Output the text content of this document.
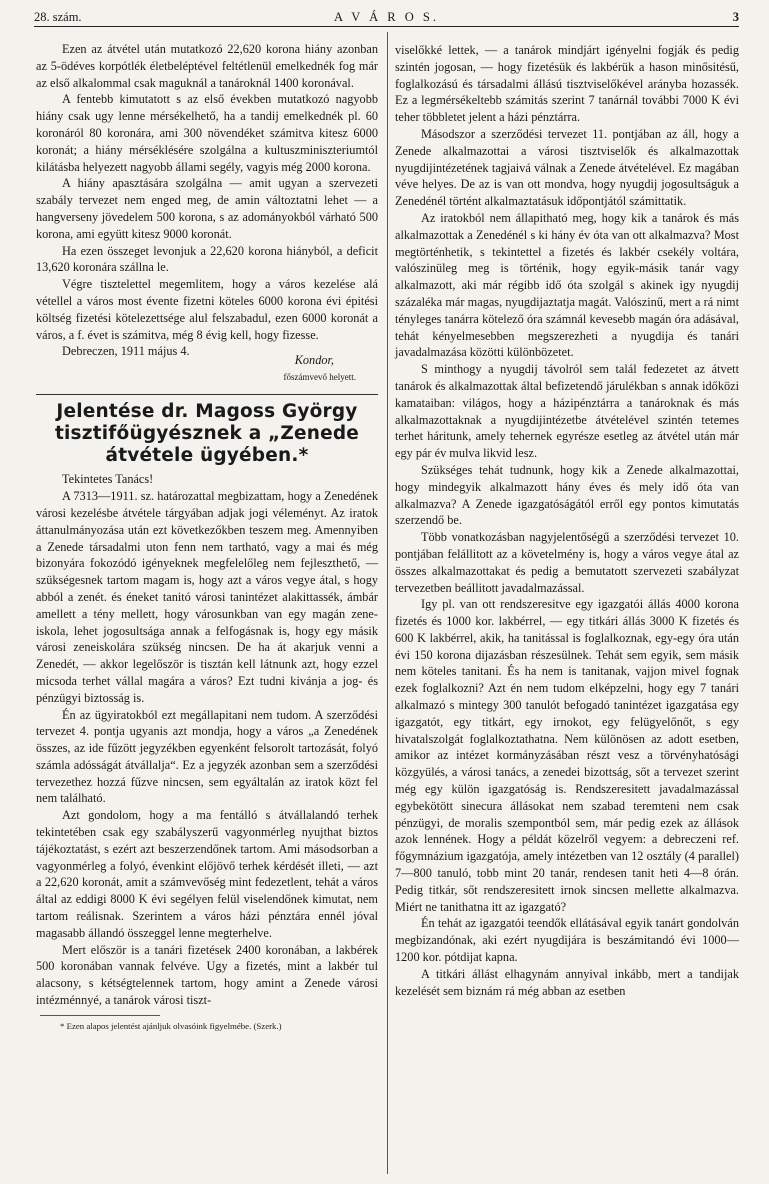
28. szám.	A V Á R O S.	3

Ezen az átvétel után mutatkozó 22,620 korona hiány azonban az 5-ödéves korpótlék életbeléptével feltétlenül emelkednék fog már az első alkalommal csak maguknál a tanároknál 1400 koronával.

A fentebb kimutatott s az első években mutatkozó nagyobb hiány csak ugy lenne mérsékelhető, ha a tandij emelkednék pl. 60 koronáról 80 koronára, ami 300 növendéket számitva kitesz 6000 koronát; a hiány mérséklésére szolgálna a kultuszminiszteriumtól kilátásba helyezett nagyobb állami segély, vagyis még 2000 korona.

A hiány apasztására szolgálna — amit ugyan a szervezeti szabály tervezet nem enged meg, de amin változtatni lehet — a hangverseny jövedelem 500 korona, s az adományokból várható 500 korona, ami együtt kitesz 9000 koronát.

Ha ezen összeget levonjuk a 22,620 korona hiányból, a deficit 13,620 koronára szállna le.

Végre tisztelettel megemlitem, hogy a város kezelése alá vétellel a város most évente fizetni köteles 6000 korona évi épitési költség fizetési kötelezettsége alul felszabadul, ezen 6000 koronát a város, a f. évet is számitva, még 8 évig kell, hogy fizesse.

Debreczen, 1911 május 4.
Kondor,
főszámvevő helyett.
Jelentése dr. Magoss György tisztifőügyésznek a „Zenede átvétele ügyében.*

Tekintetes Tanács!

A 7313—1911. sz. határozattal megbizattam, hogy a Zenedének városi kezelésbe átvétele tárgyában adjak jogi véleményt. Az iratok áttanulmányozása után ezt következőkben teszem meg. Amennyiben a Zenede társadalmi uton fenn nem tartható, vagy a mai és még bizonyára fokozódó igényeknek megfelelőleg nem fejleszthető, — szükségesnek tartom magam is, hogy azt a város vegye átal, s hogy abból a zenét. és éneket tanitó városi tanintézet alakittassék, ámbár amellett a tény mellett, hogy városunkban van egy magán zene-iskola, lehet jogosultsága annak a felfogásnak is, hogy egy másik városi zeneiskolára szükség nincsen. De ha át akarjuk venni a Zenedét, — akkor legelőször is tisztán kell látnunk azt, hogy ezzel micsoda terhet vállal magára a város? Ezt tudni kivánja a jog- és pénzügyi biztosság is.

Én az ügyiratokból ezt megállapitani nem tudom. A szerződési tervezet 4. pontja ugyanis azt mondja, hogy a város „a Zenedének összes, az ide fűzött jegyzékben egyenként felsorolt tartozását, folyó számla adósságát átvállalja“. Ez a jegyzék azonban sem a szerződési tervezethez hozzá fűzve nincsen, sem egyáltalán az iratok közt fel nem található.

Azt gondolom, hogy a ma fentálló s átvállalandó terhek tekintetében csak egy szabályszerű vagyonmérleg nyujthat biztos tájékoztatást, s ezért azt beszerzendőnek tartom. Ami másodsorban a vagyonmérleg a folyó, évenkint előjövő terhek kérdését illeti, — azt a 22,620 koronát, amit a számvevőség mint fedezetlent, tehát a város által az eddigi 8000 K évi segélyen felül viselendőnek kimutat, nem tartom reálisnak. Szerintem a város házi pénztára ennél jóval magasabb állandó összeggel lenne megterhelve.

Mert először is a tanári fizetések 2400 koronában, a lakbérek 500 koronában vannak felvéve. Ugy a fizetés, mint a lakbér tul alacsony, s kétségtelennek tartom, hogy amint a Zenede városi intézménnyé, a tanárok városi tiszt-

* Ezen alapos jelentést ajánljuk olvasóink figyelmébe. (Szerk.)

viselőkké lettek, — a tanárok mindjárt igényelni fogják és pedig szintén jogosan, — hogy fizetésük és lakbérük a hason minősitésű, foglalkozású és társadalmi állású tisztviselőkével arányba hozassék. Ez a legmérsékeltebb számitás szerint 7 tanárnál további 7000 K évi teher többletet jelent a házi pénztárra.

Másodszor a szerződési tervezet 11. pontjában az áll, hogy a Zenede alkalmazottai a városi tisztviselők és alkalmazottak nyugdijintézetének tagjaivá válnak a Zenede átvételével. Ez magában véve helyes. De az is van ott mondva, hogy nyugdij jogosultságuk a Zenedénél történt alkalmaztatásuk időpontjától számittatik.

Az iratokból nem állapitható meg, hogy kik a tanárok és más alkalmazottak a Zenedénél s ki hány év óta van ott alkalmazva? Most megtörténhetik, s tekintettel a fizetés és lakbér csekély voltára, valószinüleg meg is történik, hogy egyik-másik tanár vagy alkalmazott, aki már régibb idő óta szolgál s akinek igy nyugdij százaléka már magas, nyugdijaztatja magát. Valószinű, mert a rá nimt tényleges tanárra kötelező óra számnál kevesebb magán óra adásával, tehát kényelmesebben megszerezheti a nyugdija és tanári javadalmazása közötti különbözetet.

S minthogy a nyugdij távolról sem talál fedezetet az átvett tanárok és alkalmazottak által befizetendő járulékban s annak időközi kamataiban: világos, hogy a házipénztárra a tanároknak és más alkalmazottaknak a nyugdijintézetbe átvételével szintén tetemes terhet háritunk, amely tehernek egyrésze esetleg az átvétel után már egy pár év mulva likvid lesz.

Szükséges tehát tudnunk, hogy kik a Zenede alkalmazottai, hogy mindegyik alkalmazott hány éves és mely idő óta van alkalmazva? A Zenede igazgatóságától erről egy pontos kimutatás szerzendő be.

Több vonatkozásban nagyjelentőségű a szerződési tervezet 10. pontjában felállitott az a követelmény is, hogy a város vegye átal az összes alkalmazottakat és pedig a bemutatott szervezeti szabályzat tervezetben beállitott javadalmazással.

Igy pl. van ott rendszeresitve egy igazgatói állás 4000 korona fizetés és 1000 kor. lakbérrel, — egy titkári állás 3000 K fizetés és 600 K lakbérrel, akik, ha tanitással is foglalkoznak, egy-egy óra után évi 150 korona dijazásban részesülnek. Tehát sem egyik, sem másik nem köteles tanitani. És ha nem is tanitanak, vajjon mivel fognak ezek foglalkozni? Azt én nem tudom elképzelni, hogy egy 7 tanári alkalmazó s mintegy 300 tanulót befogadó tanintézet igazgatása egy igazgatót, egy titkárt, egy irnokot, egy felügyelőnőt, s egy hivatalszolgát foglalkoztathatna. Nem különösen az adott esetben, amikor az intézet kormányzásában részt vesz a törvényhatósági közgyülés, a városi tanács, a zenedei bizottság, sőt a tervezet szerint még egy külön igazgatóság is. Rendszeresitett javadalmazással egybekötött sinecura állásokat nem szabad teremteni nem csak pénzügyi, de moralis szempontból sem, már pedig ezek az állások azok lennének. Hogy a példát közelről vegyem: a debreczeni ref. főgymnázium igazgatója, amely intézetben van 12 osztály (4 parallel) 7—800 tanuló, tobb mint 20 tanár, rendesen tanit heti 4—8 órán. Pedig titkár, sőt rendszeresitett irnok sincsen mellette alkalmazva. Miért ne tanithatna itt az igazgató?

Én tehát az igazgatói teendők ellátásával egyik tanárt gondolván megbizandónak, aki ezért nyugdijára is beszámitandó évi 1000—1200 kor. pótdijat kapna.

A titkári állást elhagynám annyival inkább, mert a tandijak kezelését sem biznám rá még abban az esetben
